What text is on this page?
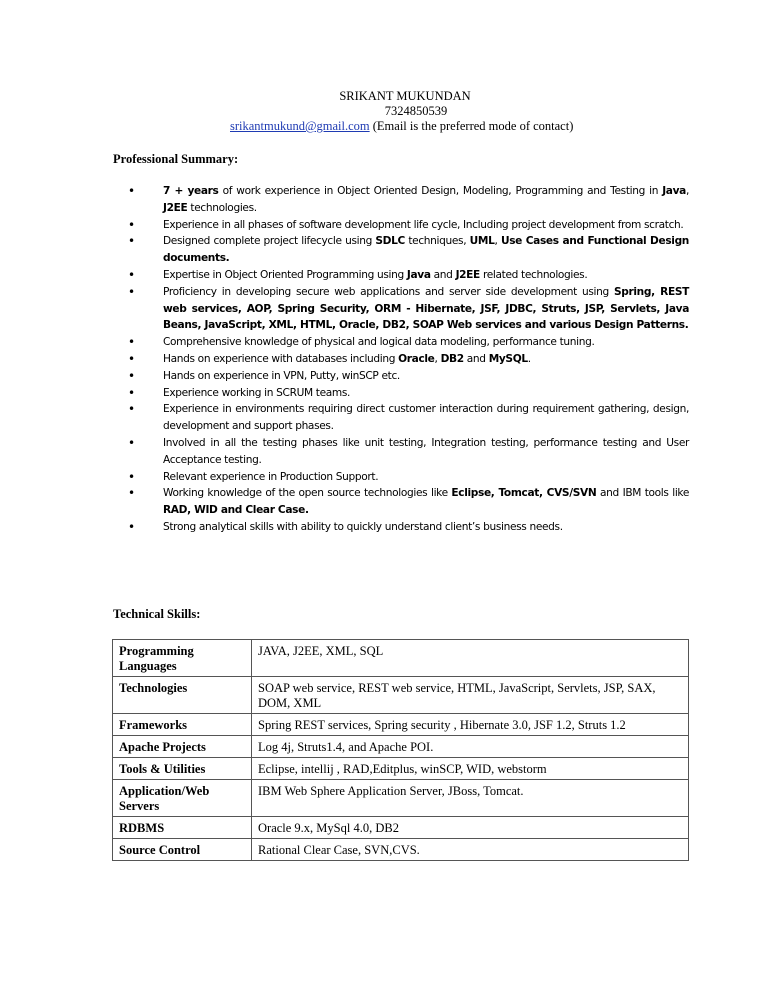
SRIKANT MUKUNDAN
7324850539
srikantmukund@gmail.com (Email is the preferred mode of contact)
Professional Summary:
•	7 + years of work experience in Object Oriented Design, Modeling, Programming and Testing in Java, J2EE technologies.
•	Experience in all phases of software development life cycle, Including project development from scratch.
•	Designed complete project lifecycle using SDLC techniques, UML, Use Cases and Functional Design documents.
•	Expertise in Object Oriented Programming using Java and J2EE related technologies.
•	Proficiency in developing secure web applications and server side development using Spring, REST web services, AOP, Spring Security, ORM - Hibernate, JSF, JDBC, Struts, JSP, Servlets, Java Beans, JavaScript, XML, HTML, Oracle, DB2, SOAP Web services and various Design Patterns.
•	Comprehensive knowledge of physical and logical data modeling, performance tuning.
•	Hands on experience with databases including Oracle, DB2 and MySQL.
•	Hands on experience in VPN, Putty, winSCP etc.
•	Experience working in SCRUM teams.
•	Experience in environments requiring direct customer interaction during requirement gathering, design, development and support phases.
•	Involved in all the testing phases like unit testing, Integration testing, performance testing and User Acceptance testing.
•	Relevant experience in Production Support.
•	Working knowledge of the open source technologies like Eclipse, Tomcat, CVS/SVN and IBM tools like RAD, WID and Clear Case.
•	Strong analytical skills with ability to quickly understand client’s business needs.
Technical Skills:
Programming Languages	JAVA, J2EE, XML, SQL
Technologies	SOAP web service, REST web service, HTML, JavaScript, Servlets, JSP, SAX, DOM, XML
Frameworks	Spring REST services, Spring security , Hibernate 3.0, JSF 1.2, Struts 1.2
Apache Projects	Log 4j, Struts1.4, and Apache POI.
Tools & Utilities	Eclipse, intellij , RAD,Editplus, winSCP, WID, webstorm
Application/Web Servers	IBM Web Sphere Application Server, JBoss, Tomcat.
RDBMS	Oracle 9.x, MySql 4.0, DB2
Source Control	Rational Clear Case, SVN,CVS.
